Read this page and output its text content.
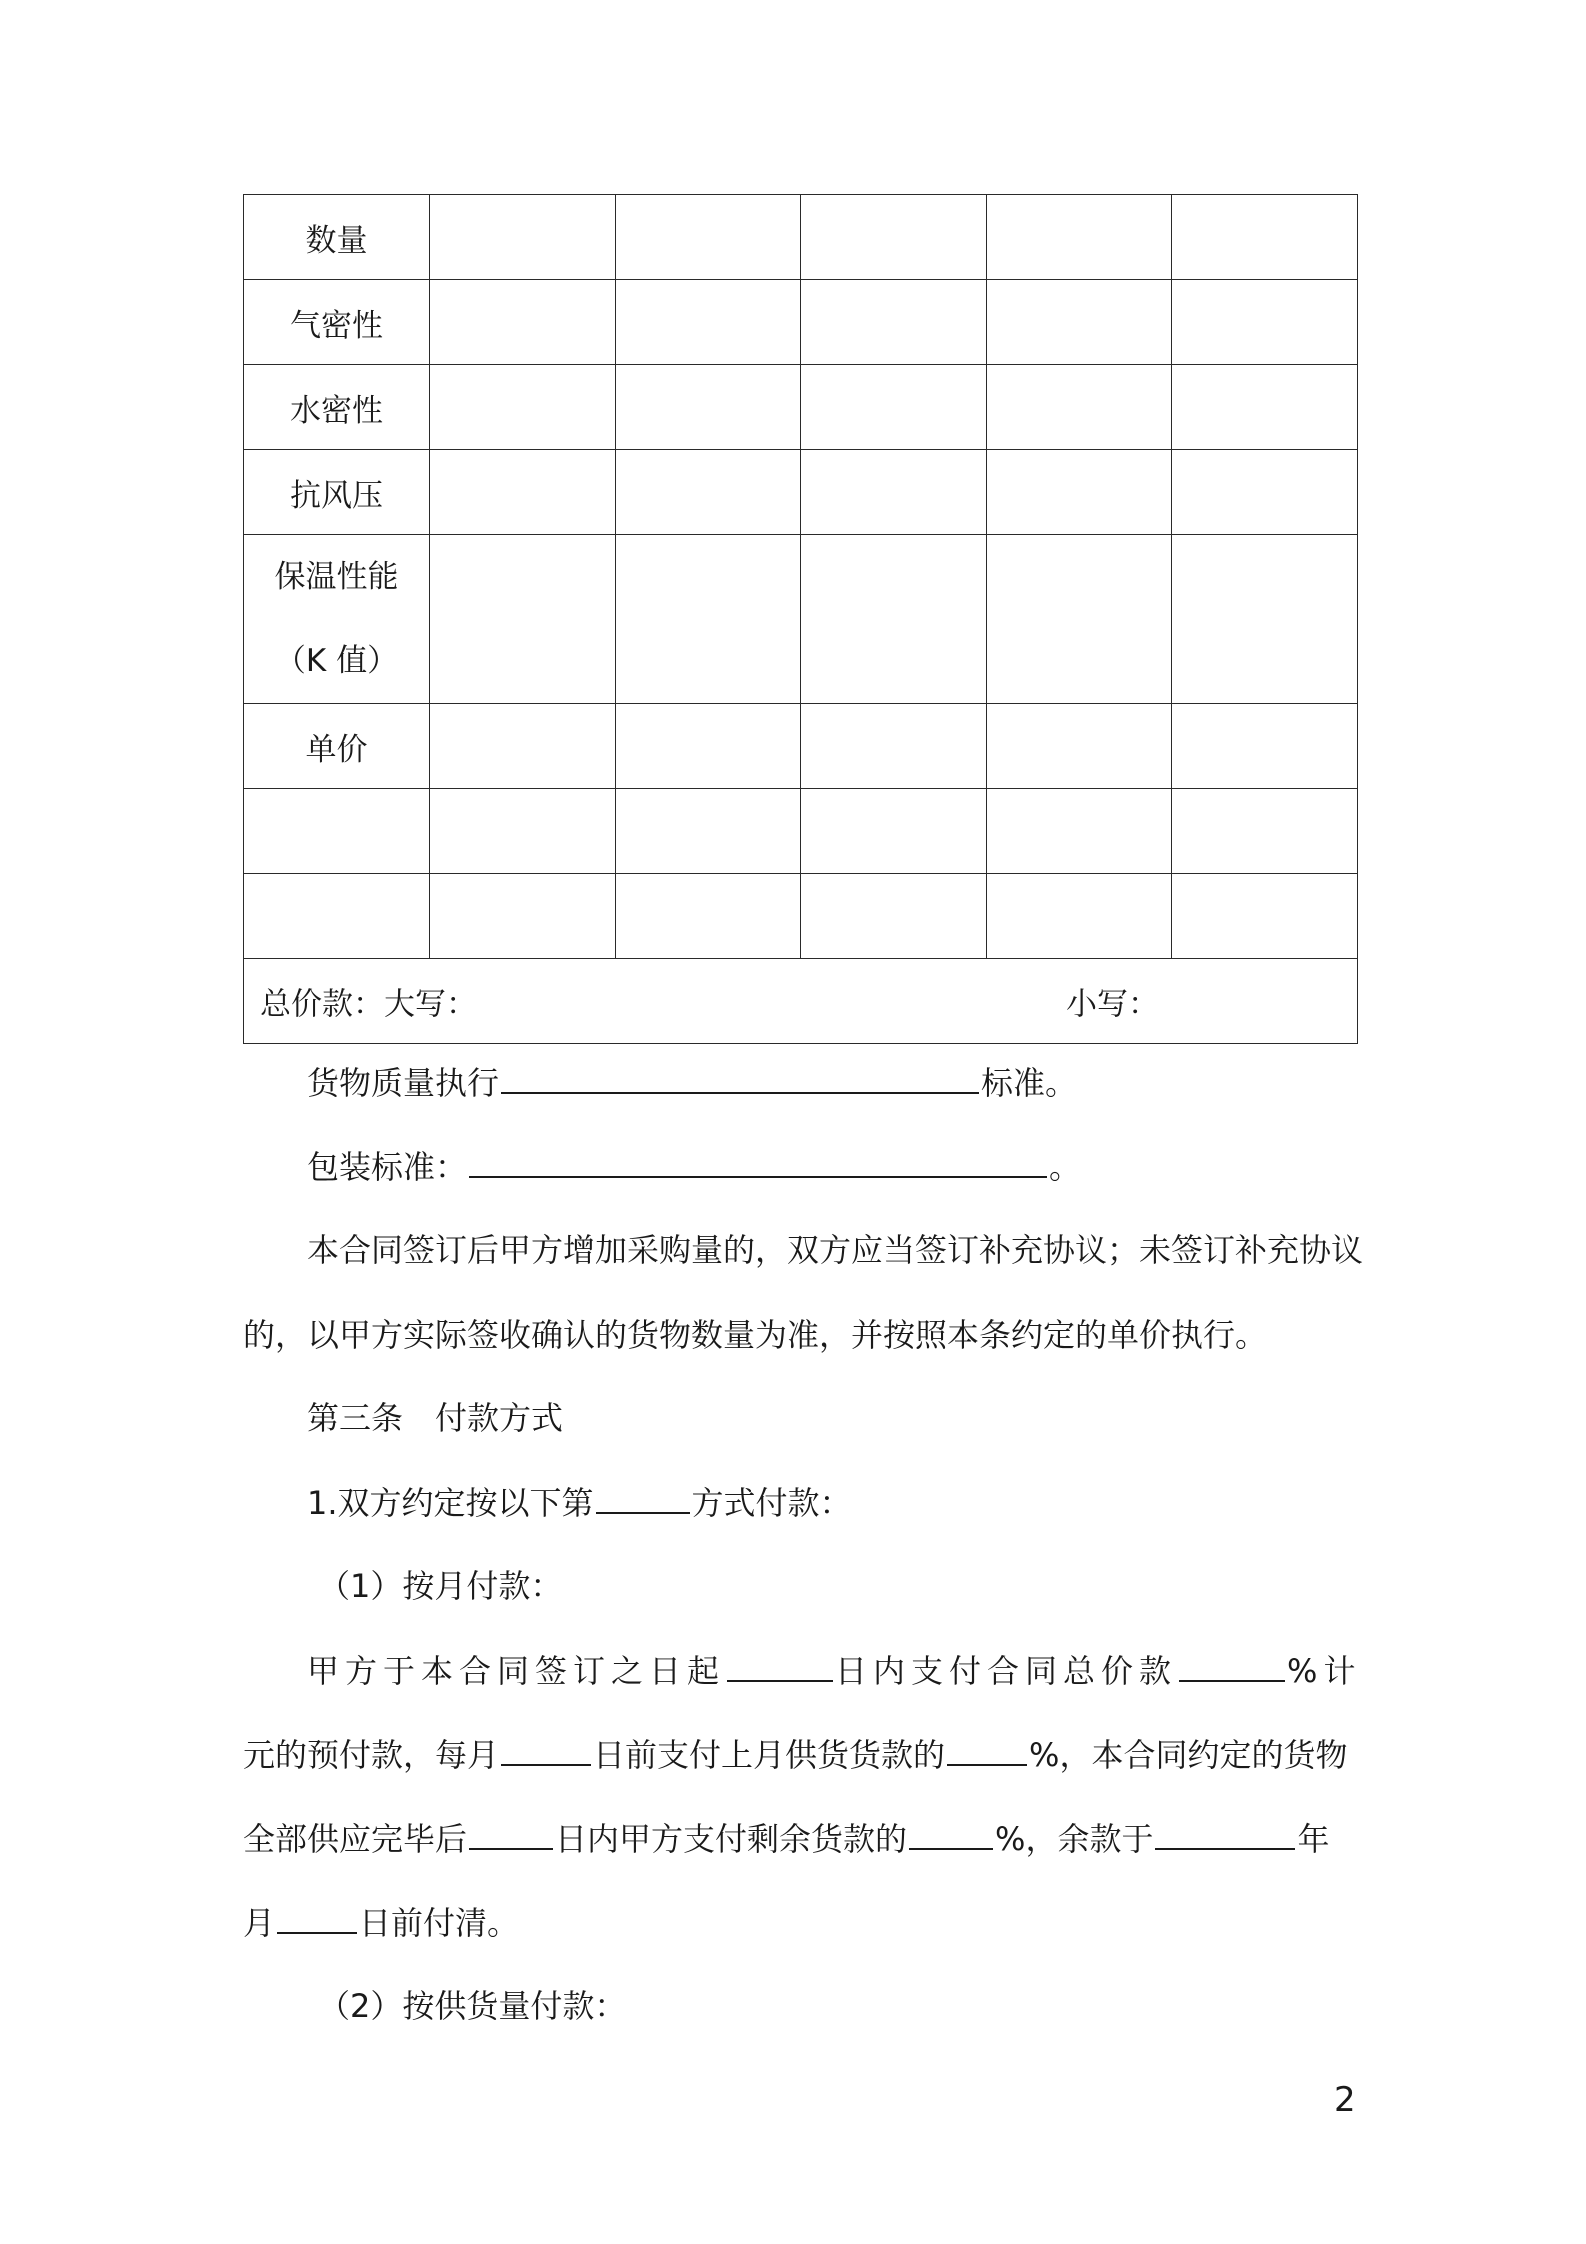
数量					
气密性					
水密性					
抗风压					

保温性能
（K 值）					

单价					

总价款：大写： 小写：					
货物质量执行	标准。
包装标准：	。
本合同签订后甲方增加采购量的，双方应当签订补充协议；未签订补充协议
的，以甲方实际签收确认的货物数量为准，并按照本条约定的单价执行。
第三条　付款方式
1.双方约定按以下第	方式付款：
（1）按月付款：
甲方于本合同签订之日起	日内支付合同总价款	%计
元的预付款，每月	日前支付上月供货货款的	%，本合同约定的货物
全部供应完毕后	日内甲方支付剩余货款的	%，余款于	年
月	日前付清。
（2）按供货量付款：
2
